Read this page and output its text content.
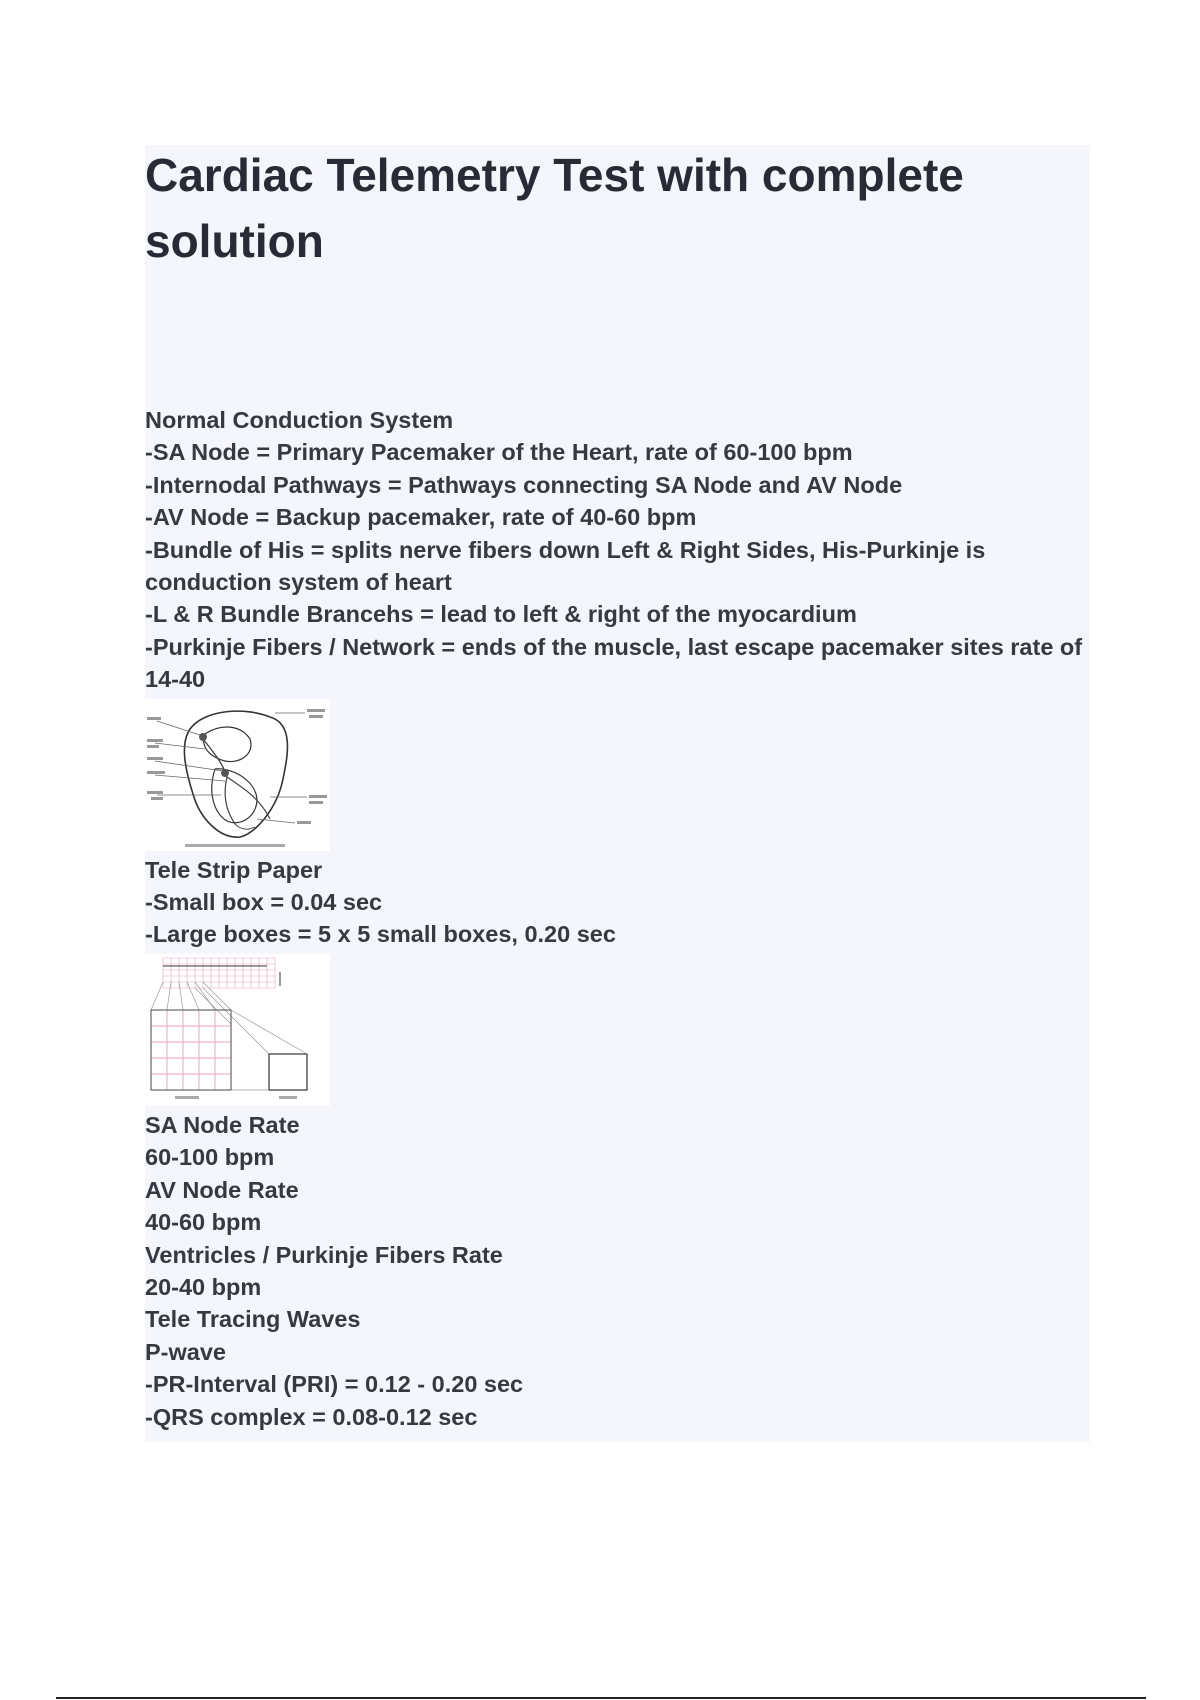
Cardiac Telemetry Test with complete solution
Normal Conduction System
-SA Node = Primary Pacemaker of the Heart, rate of 60-100 bpm
-Internodal Pathways = Pathways connecting SA Node and AV Node
-AV Node = Backup pacemaker, rate of 40-60 bpm
-Bundle of His = splits nerve fibers down Left & Right Sides, His-Purkinje is conduction system of heart
-L & R Bundle Brancehs = lead to left & right of the myocardium
-Purkinje Fibers / Network = ends of the muscle, last escape pacemaker sites rate of 14-40
Tele Strip Paper
-Small box = 0.04 sec
-Large boxes = 5 x 5 small boxes, 0.20 sec
SA Node Rate
60-100 bpm
AV Node Rate
40-60 bpm
Ventricles / Purkinje Fibers Rate
20-40 bpm
Tele Tracing Waves
P-wave
-PR-Interval (PRI) = 0.12 - 0.20 sec
-QRS complex = 0.08-0.12 sec
